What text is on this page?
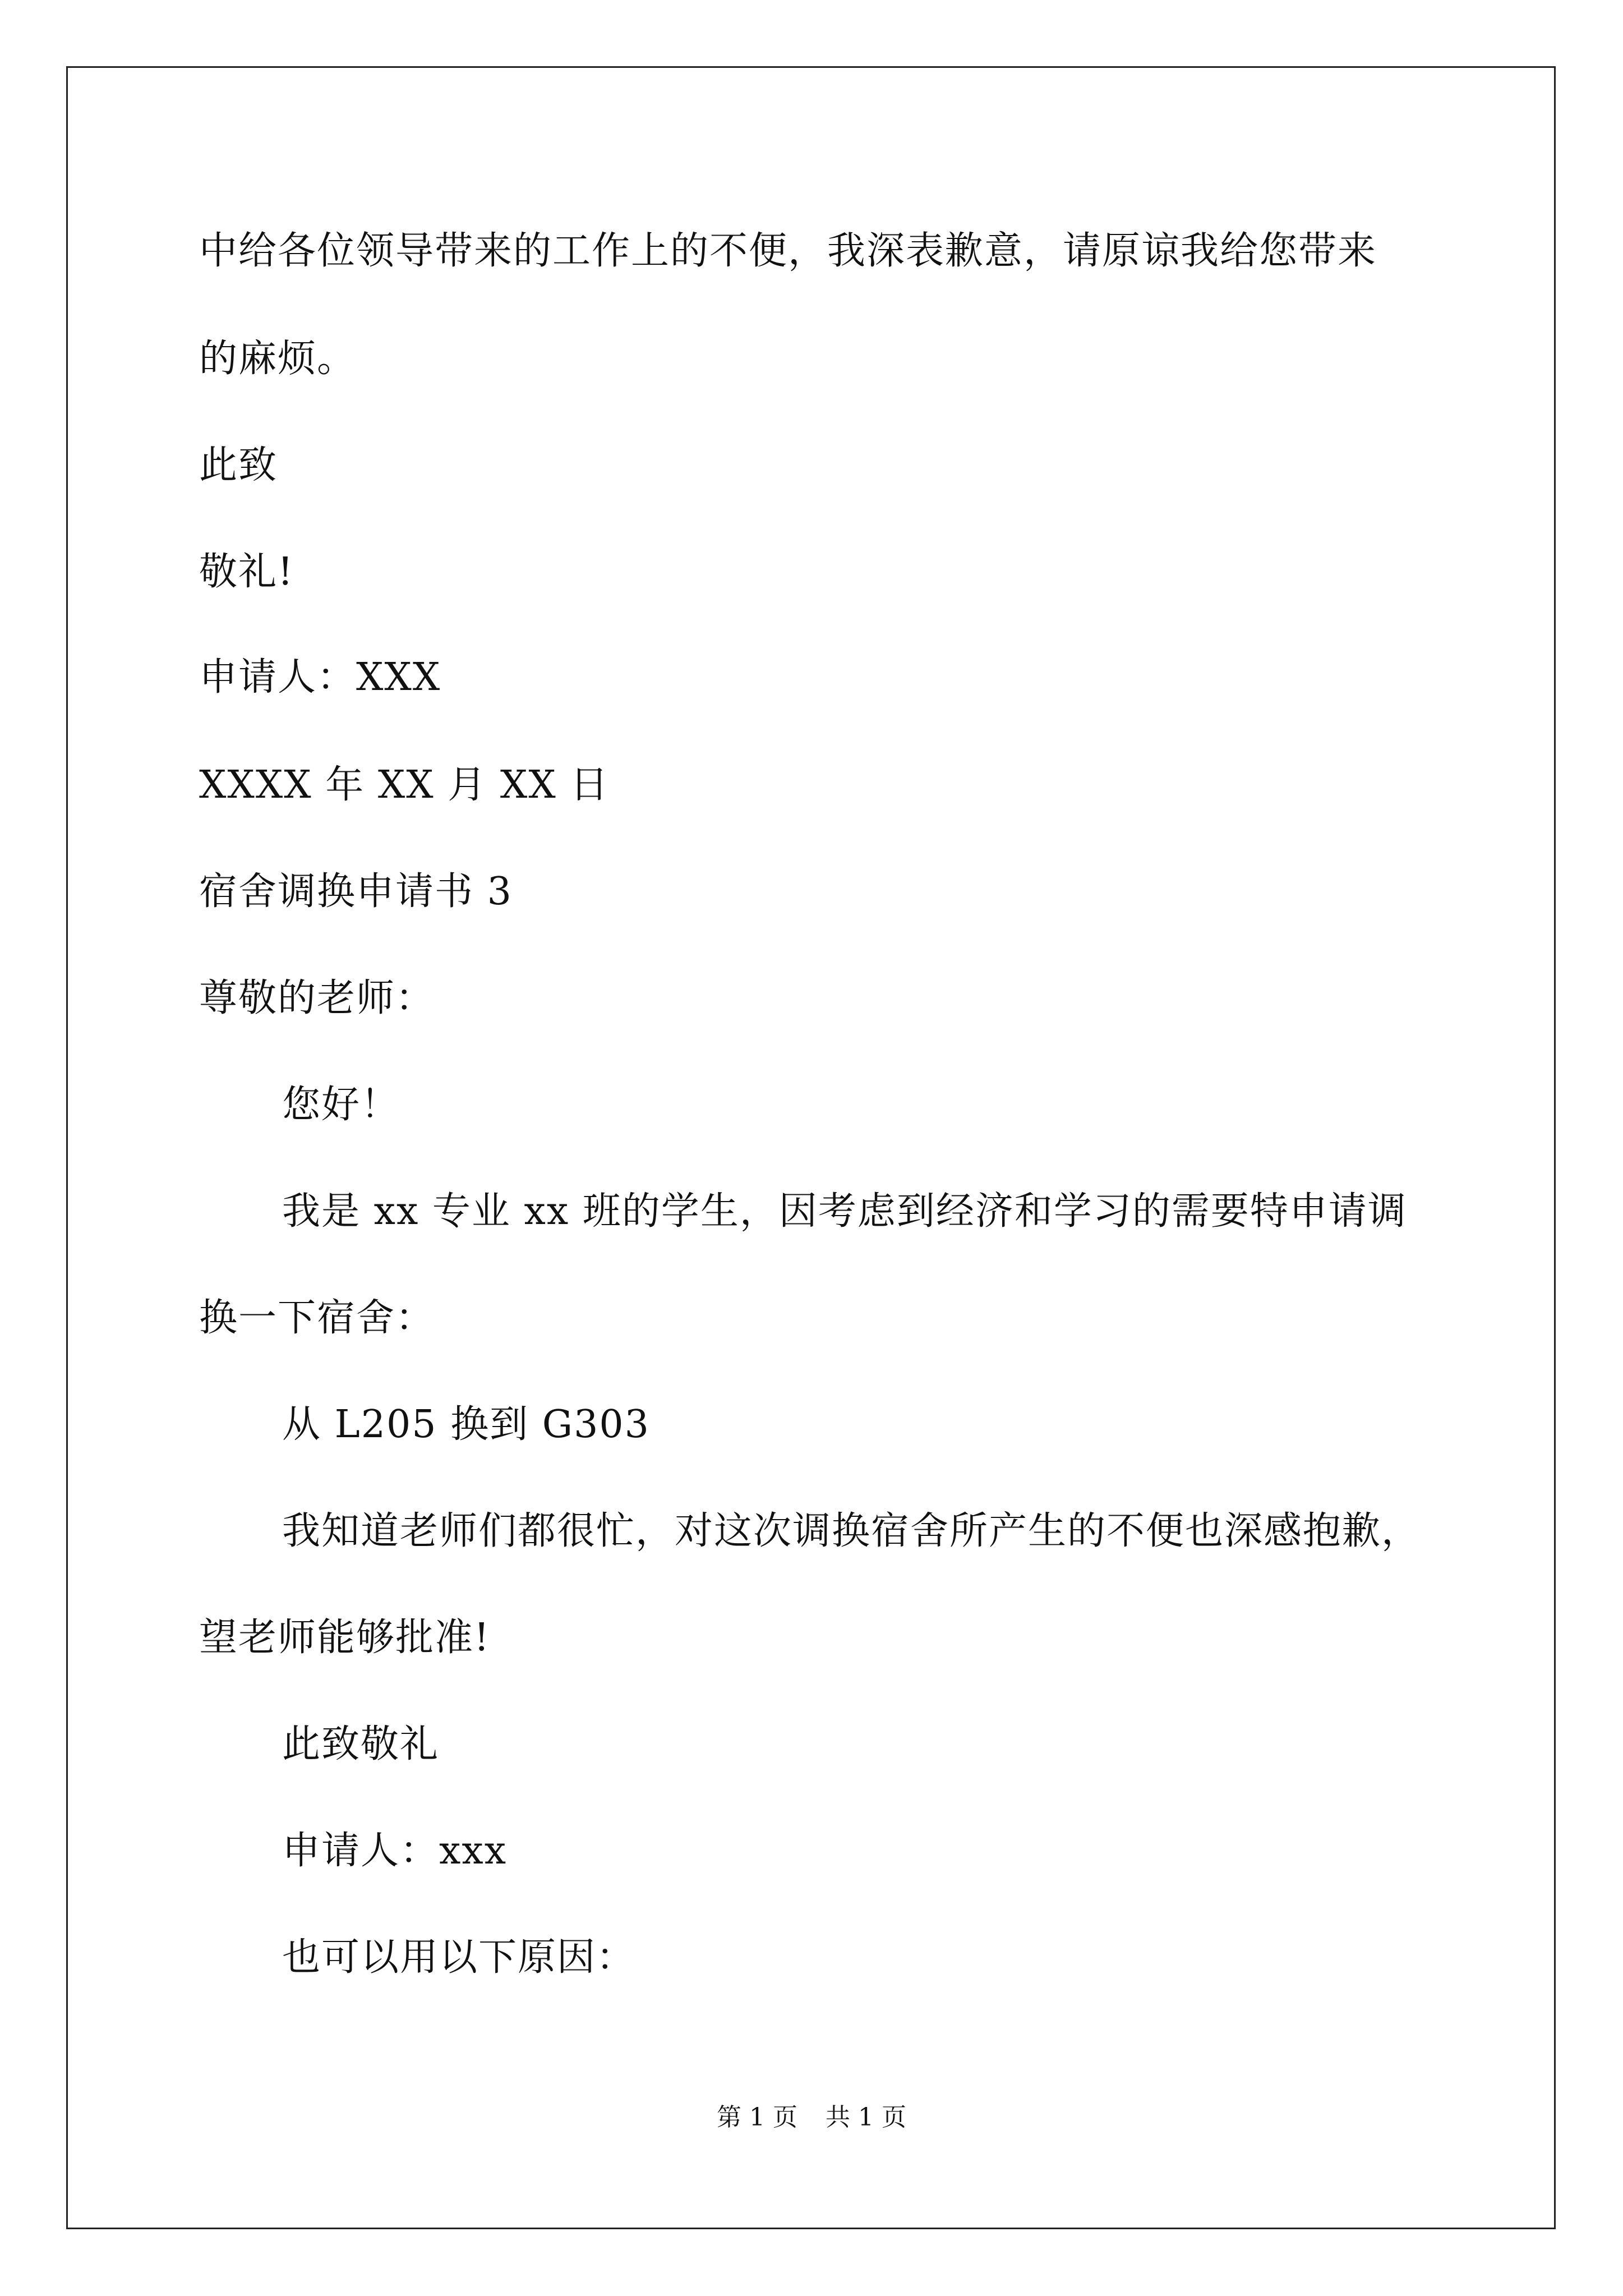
中给各位领导带来的工作上的不便，我深表歉意，请原谅我给您带来
的麻烦。
此致
敬礼!
申请人：XXX
XXXX 年 XX 月 XX 日
宿舍调换申请书 3
尊敬的老师：
您好！
我是 xx 专业 xx 班的学生，因考虑到经济和学习的需要特申请调
换一下宿舍：
从 L205 换到 G303
我知道老师们都很忙，对这次调换宿舍所产生的不便也深感抱歉，
望老师能够批准!
此致敬礼
申请人：xxx
也可以用以下原因：
第 1 页 共 1 页
